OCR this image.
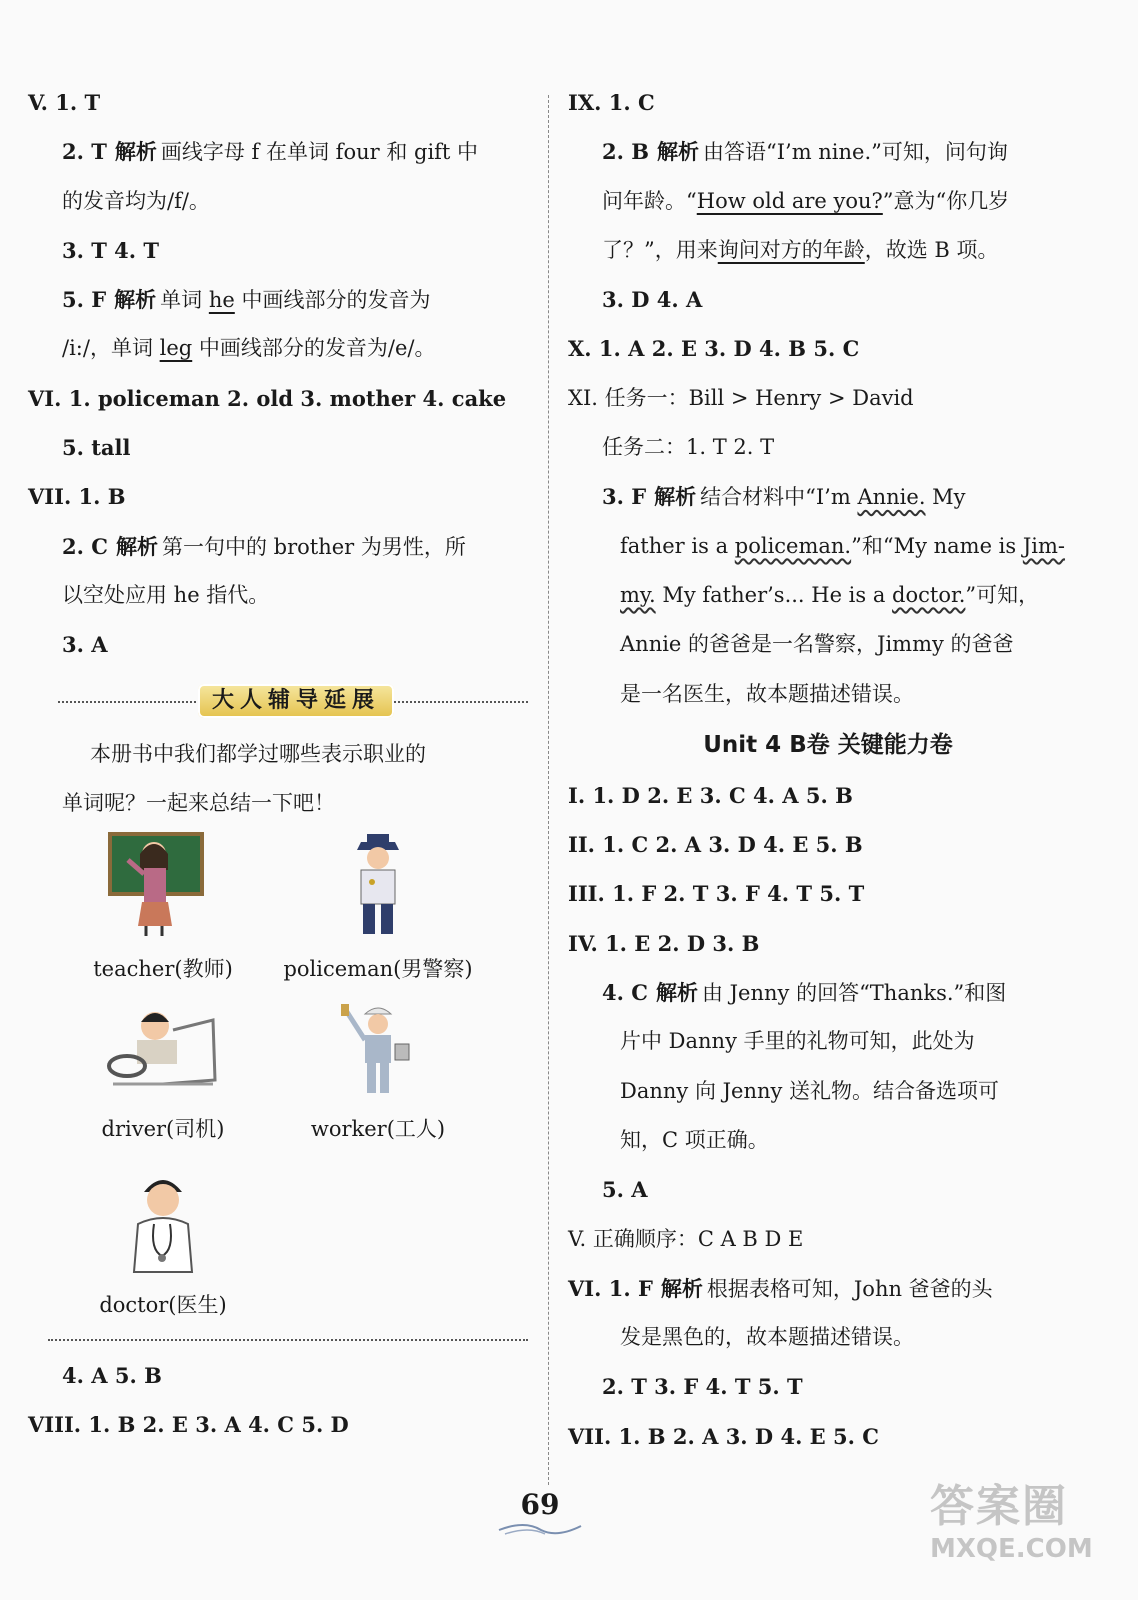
V. 1. T
2. T 解析 画线字母 f 在单词 four 和 gift 中
的发音均为/f/。
3. T 4. T
5. F 解析 单词 he 中画线部分的发音为
/i:/，单词 leg 中画线部分的发音为/e/。
VI. 1. policeman 2. old 3. mother 4. cake
5. tall
VII. 1. B
2. C 解析 第一句中的 brother 为男性，所
以空处应用 he 指代。
3. A
大人辅导延展
本册书中我们都学过哪些表示职业的
单词呢？一起来总结一下吧！
teacher(教师)	policeman(男警察)
driver(司机)	worker(工人)
doctor(医生)
4. A 5. B
VIII. 1. B 2. E 3. A 4. C 5. D
IX. 1. C
2. B 解析 由答语“I’m nine.”可知，问句询
问年龄。“How old are you?”意为“你几岁
了？”，用来询问对方的年龄，故选 B 项。
3. D 4. A
X. 1. A 2. E 3. D 4. B 5. C
XI. 任务一：Bill > Henry > David
任务二：1. T 2. T
3. F 解析 结合材料中“I’m Annie. My
father is a policeman.”和“My name is Jim-
my. My father’s... He is a doctor.”可知，
Annie 的爸爸是一名警察，Jimmy 的爸爸
是一名医生，故本题描述错误。
Unit 4 B卷 关键能力卷
I. 1. D 2. E 3. C 4. A 5. B
II. 1. C 2. A 3. D 4. E 5. B
III. 1. F 2. T 3. F 4. T 5. T
IV. 1. E 2. D 3. B
4. C 解析 由 Jenny 的回答“Thanks.”和图
片中 Danny 手里的礼物可知，此处为
Danny 向 Jenny 送礼物。结合备选项可
知，C 项正确。
5. A
V. 正确顺序：C A B D E
VI. 1. F 解析 根据表格可知，John 爸爸的头
发是黑色的，故本题描述错误。
2. T 3. F 4. T 5. T
VII. 1. B 2. A 3. D 4. E 5. C
69	答案圈
MXQE.COM
